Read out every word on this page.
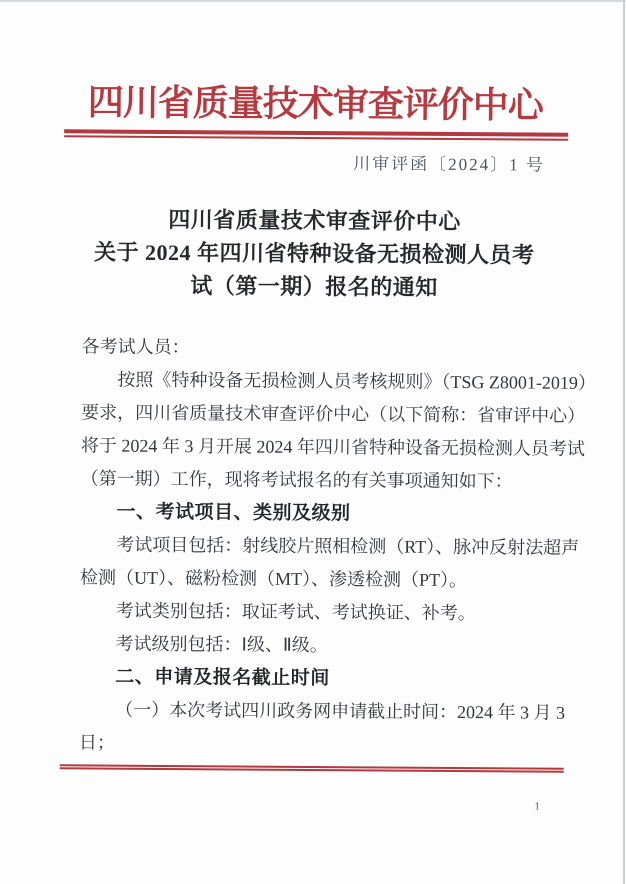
四川省质量技术审查评价中心
川审评函〔2024〕1 号
四川省质量技术审查评价中心
关于 2024 年四川省特种设备无损检测人员考
试（第一期）报名的通知
各考试人员：
按照《特种设备无损检测人员考核规则》（TSG Z8001-2019）
要求，四川省质量技术审查评价中心（以下简称：省审评中心）
将于 2024 年 3 月开展 2024 年四川省特种设备无损检测人员考试
（第一期）工作，现将考试报名的有关事项通知如下：
一、考试项目、类别及级别
考试项目包括：射线胶片照相检测（RT）、脉冲反射法超声
检测（UT）、磁粉检测（MT）、渗透检测（PT）。
考试类别包括：取证考试、考试换证、补考。
考试级别包括：Ⅰ级、Ⅱ级。
二、申请及报名截止时间
（一）本次考试四川政务网申请截止时间：2024 年 3 月 3
日；
1
